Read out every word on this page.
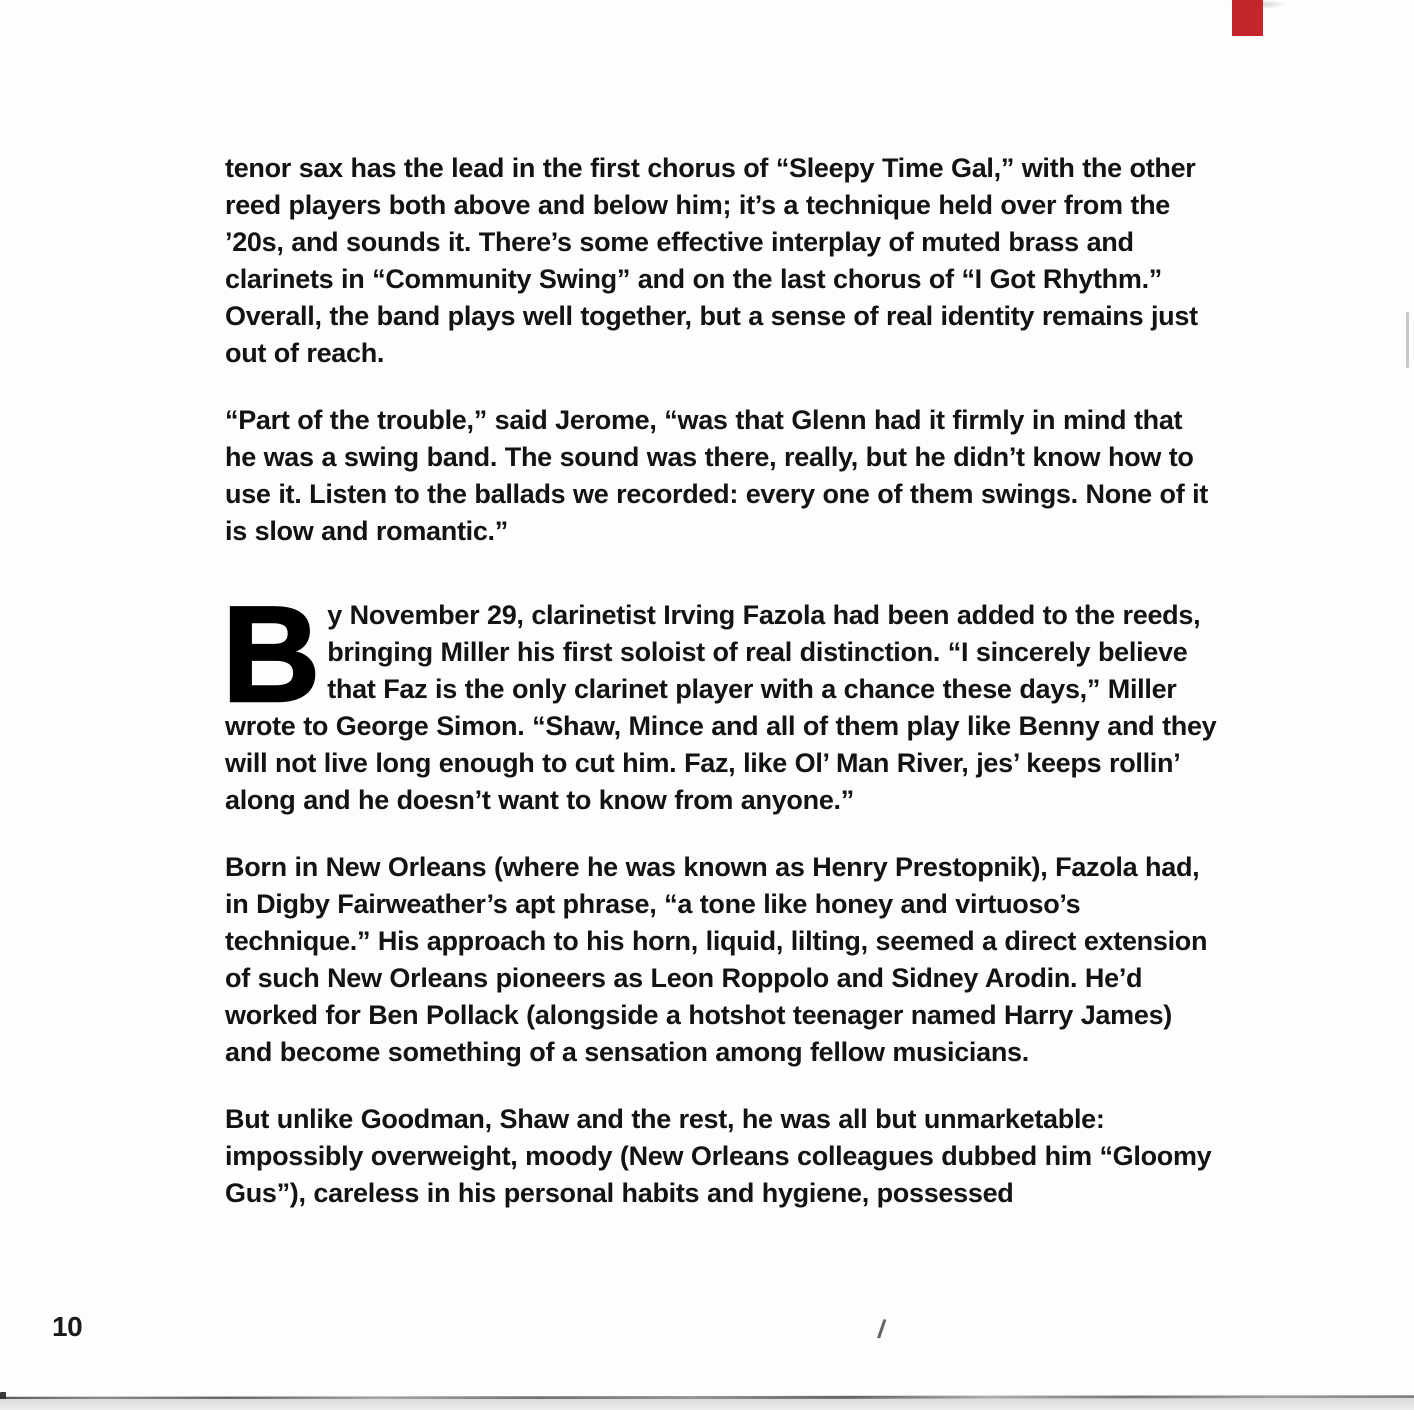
tenor sax has the lead in the first chorus of “Sleepy Time Gal,” with the other reed players both above and below him; it’s a technique held over from the ’20s, and sounds it. There’s some effective interplay of muted brass and clarinets in “Community Swing” and on the last chorus of “I Got Rhythm.” Overall, the band plays well together, but a sense of real identity remains just out of reach.

“Part of the trouble,” said Jerome, “was that Glenn had it firmly in mind that he was a swing band. The sound was there, really, but he didn’t know how to use it. Listen to the ballads we recorded: every one of them swings. None of it is slow and romantic.”

By November 29, clarinetist Irving Fazola had been added to the reeds, bringing Miller his first soloist of real distinction. “I sincerely believe that Faz is the only clarinet player with a chance these days,” Miller wrote to George Simon. “Shaw, Mince and all of them play like Benny and they will not live long enough to cut him. Faz, like Ol’ Man River, jes’ keeps rollin’ along and he doesn’t want to know from anyone.”

Born in New Orleans (where he was known as Henry Prestopnik), Fazola had, in Digby Fairweather’s apt phrase, “a tone like honey and virtuoso’s technique.” His approach to his horn, liquid, lilting, seemed a direct extension of such New Orleans pioneers as Leon Roppolo and Sidney Arodin. He’d worked for Ben Pollack (alongside a hotshot teenager named Harry James) and become something of a sensation among fellow musicians.

But unlike Goodman, Shaw and the rest, he was all but unmarketable: impossibly overweight, moody (New Orleans colleagues dubbed him “Gloomy Gus”), careless in his personal habits and hygiene, possessed

10	/
